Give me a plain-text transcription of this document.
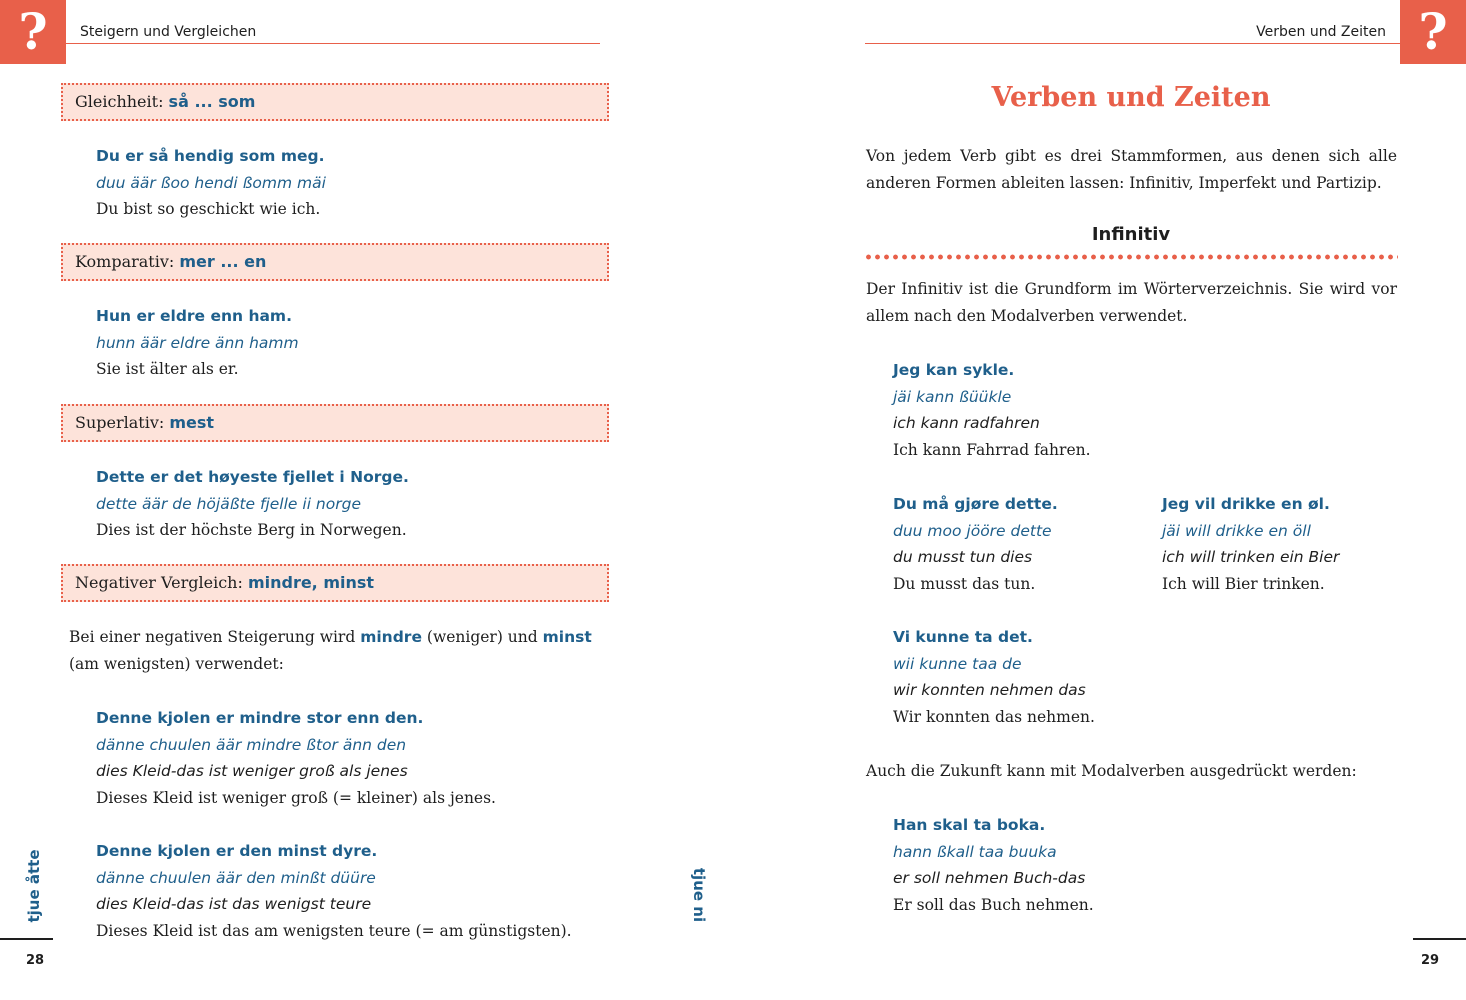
?	Steigern und Vergleichen
Gleichheit: så ... som
Du er så hendig som meg.
duu äär ßoo hendi ßomm mäi
Du bist so geschickt wie ich.
Komparativ: mer ... en
Hun er eldre enn ham.
hunn äär eldre änn hamm
Sie ist älter als er.
Superlativ: mest
Dette er det høyeste fjellet i Norge.
dette äär de höjäßte fjelle ii norge
Dies ist der höchste Berg in Norwegen.
Negativer Vergleich: mindre, minst
Bei einer negativen Steigerung wird mindre (weniger) und minst (am wenigsten) verwendet:
Denne kjolen er mindre stor enn den.
dänne chuulen äär mindre ßtor änn den
dies Kleid-das ist weniger groß als jenes
Dieses Kleid ist weniger groß (= kleiner) als jenes.
Denne kjolen er den minst dyre.
dänne chuulen äär den minßt düüre
dies Kleid-das ist das wenigst teure
Dieses Kleid ist das am wenigsten teure (= am günstigsten).
tjue åtte
28
?
Verben und Zeiten
Verben und Zeiten
Von jedem Verb gibt es drei Stammformen, aus denen sich alle anderen Formen ableiten lassen: Infinitiv, Imperfekt und Partizip.
Infinitiv
Der Infinitiv ist die Grundform im Wörterverzeichnis. Sie wird vor allem nach den Modalverben verwendet.
Jeg kan sykle.
jäi kann ßüükle
ich kann radfahren
Ich kann Fahrrad fahren.
Du må gjøre dette.
duu moo jööre dette
du musst tun dies
Du musst das tun.
Jeg vil drikke en øl.
jäi will drikke en öll
ich will trinken ein Bier
Ich will Bier trinken.
Vi kunne ta det.
wii kunne taa de
wir konnten nehmen das
Wir konnten das nehmen.
Auch die Zukunft kann mit Modalverben ausgedrückt werden:
Han skal ta boka.
hann ßkall taa buuka
er soll nehmen Buch-das
Er soll das Buch nehmen.
tjue ni
29
